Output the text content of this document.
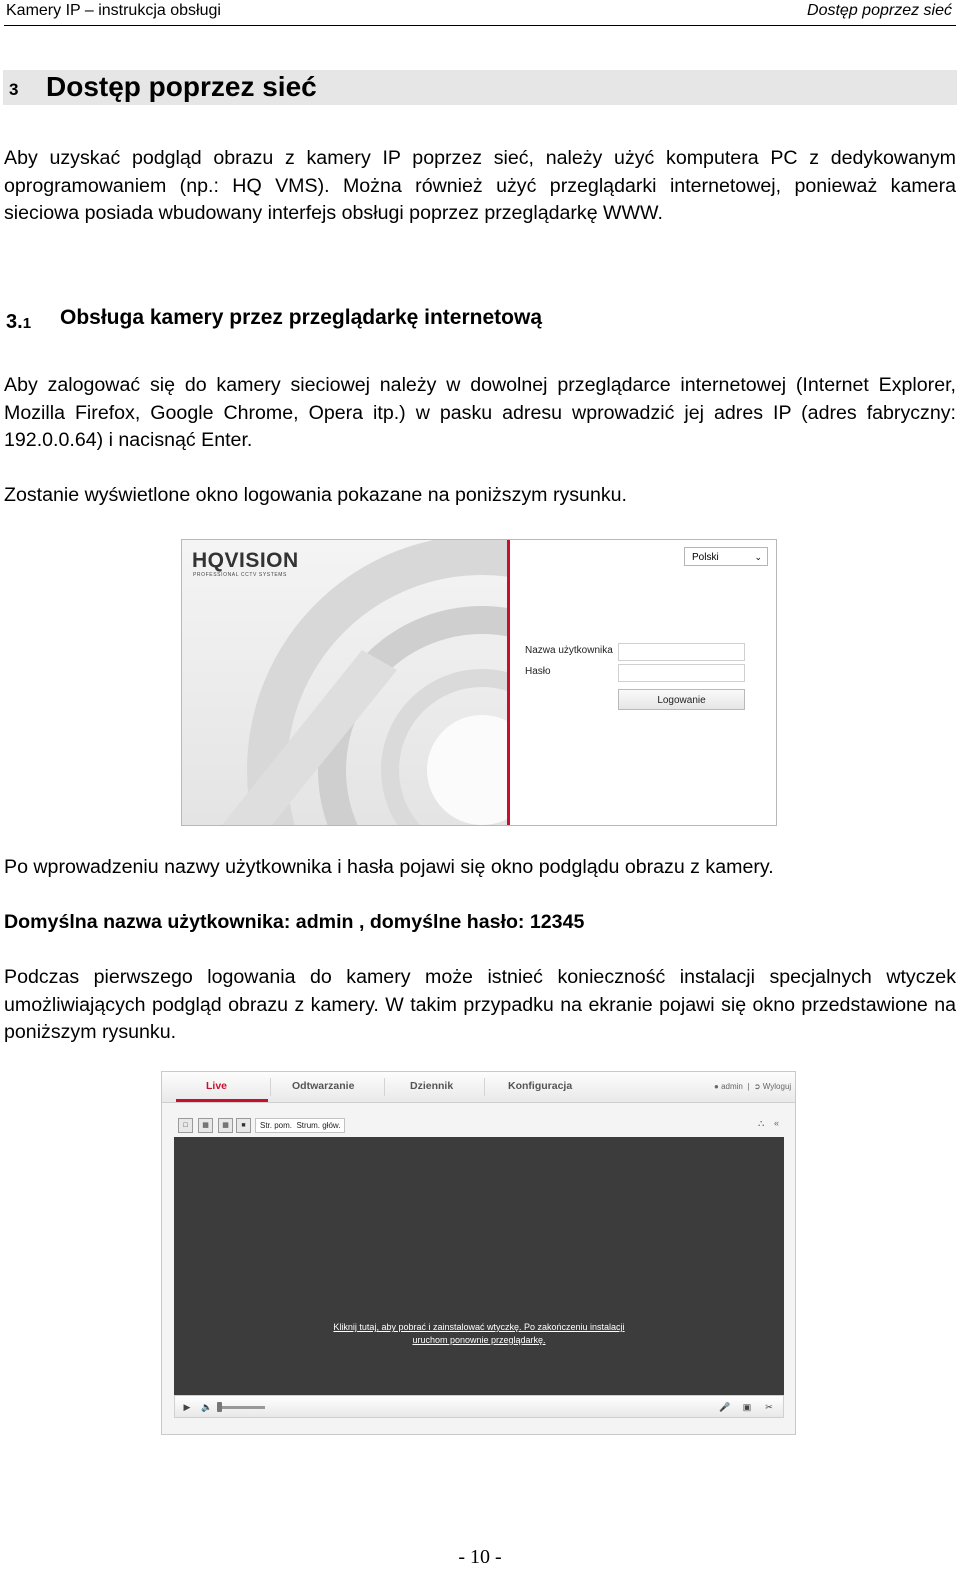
Kamery IP – instrukcja obsługi	Dostęp poprzez sieć
3 Dostęp poprzez sieć
Aby uzyskać podgląd obrazu z kamery IP poprzez sieć, należy użyć komputera PC z dedykowanym oprogramowaniem (np.: HQ VMS). Można również użyć przeglądarki internetowej, ponieważ kamera sieciowa posiada wbudowany interfejs obsługi poprzez przeglądarkę WWW.
3.1 Obsługa kamery przez przeglądarkę internetową
Aby zalogować się do kamery sieciowej należy w dowolnej przeglądarce internetowej (Internet Explorer, Mozilla Firefox, Google Chrome, Opera itp.) w pasku adresu wprowadzić jej adres IP (adres fabryczny: 192.0.0.64) i nacisnąć Enter.
Zostanie wyświetlone okno logowania pokazane na poniższym rysunku.
HQVISION
PROFESSIONAL CCTV SYSTEMS
Polski	⌄
Nazwa użytkownika
Hasło
Logowanie
Po wprowadzeniu nazwy użytkownika i hasła pojawi się okno podglądu obrazu z kamery.
Domyślna nazwa użytkownika: admin , domyślne hasło: 12345
Podczas pierwszego logowania do kamery może istnieć konieczność instalacji specjalnych wtyczek umożliwiających podgląd obrazu z kamery. W takim przypadku na ekranie pojawi się okno przedstawione na poniższym rysunku.
Live	Odtwarzanie	Dziennik	Konfiguracja	● admin  |  ➲ Wyloguj
□	▦	▦	■	Str. pom. Strum. głów.	⛬ «
Kliknij tutaj, aby pobrać i zainstalować wtyczkę. Po zakończeniu instalacji
uruchom ponownie przeglądarkę.
▶ 🔈	🎤 ▣ ✂
- 10 -
